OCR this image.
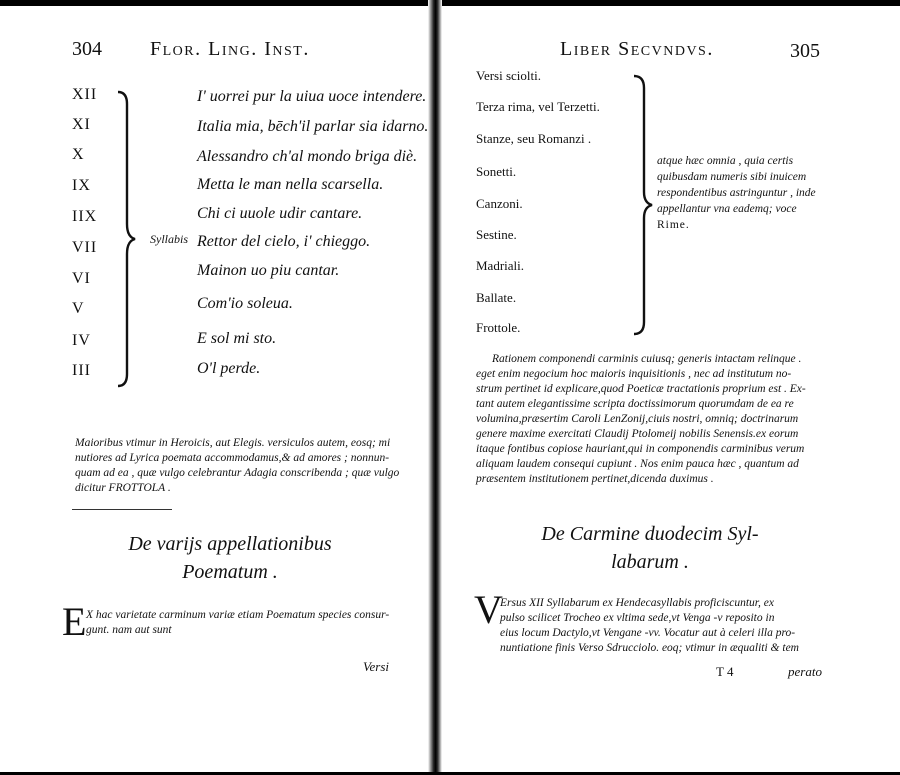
304 Flor. Ling. Inst.
XII
XI
X
IX
IIX
VII
VI
V
IV
III
Syllabis
I' uorrei pur la uiua uoce intendere.
Italia mia, bēch'il parlar sia idarno.
Alessandro ch'al mondo briga diè.
Metta le man nella scarsella.
Chi ci uuole udir cantare.
Rettor del cielo, i' chieggo.
Mainon uo piu cantar.
Com'io soleua.
E sol mi sto.
O'l perde.
Maioribus vtimur in Heroicis, aut Elegis. versiculos autem, eosq; mi
nutiores ad Lyrica poemata accommodamus,& ad amores ; nonnun-
quam ad ea , quæ vulgo celebrantur Adagia conscribenda ; quæ vulgo
dicitur FROTTOLA .
De varijs appellationibus
Poematum .
E X hac varietate carminum variæ etiam Poematum species consur-
gunt. nam aut sunt
Versi
Liber Secvndvs.	305
Versi sciolti.
Terza rima, vel Terzetti.
Stanze, seu Romanzi .
Sonetti.
Canzoni.
Sestine.
Madriali.
Ballate.
Frottole.
atque hæc omnia , quia certis quibusdam numeris sibi inuicem respondentibus astringuntur , inde appellantur vna eademq; voce
Rime.
Rationem componendi carminis cuiusq; generis intactam relinque .
eget enim negocium hoc maioris inquisitionis , nec ad institutum no-
strum pertinet id explicare,quod Poeticæ tractationis proprium est . Ex-
tant autem elegantissime scripta doctissimorum quorumdam de ea re
volumina,præsertim Caroli LenZonij,ciuis nostri, omniq; doctrinarum
genere maxime exercitati Claudij Ptolomeij nobilis Senensis.ex eorum
itaque fontibus copiose hauriant,qui in componendis carminibus verum
aliquam laudem consequi cupiunt . Nos enim pauca hæc , quantum ad
præsentem institutionem pertinet,dicenda duximus .
De Carmine duodecim Syl-
labarum .
V
Ersus XII Syllabarum ex Hendecasyllabis proficiscuntur, ex
pulso scilicet Trocheo ex vltima sede,vt Venga -v reposito in
eius locum Dactylo,vt Vengane -vv. Vocatur aut à celeri illa pro-
nuntiatione finis Verso Sdrucciolo. eoq; vtimur in æqualiti & tem
T 4	perato
